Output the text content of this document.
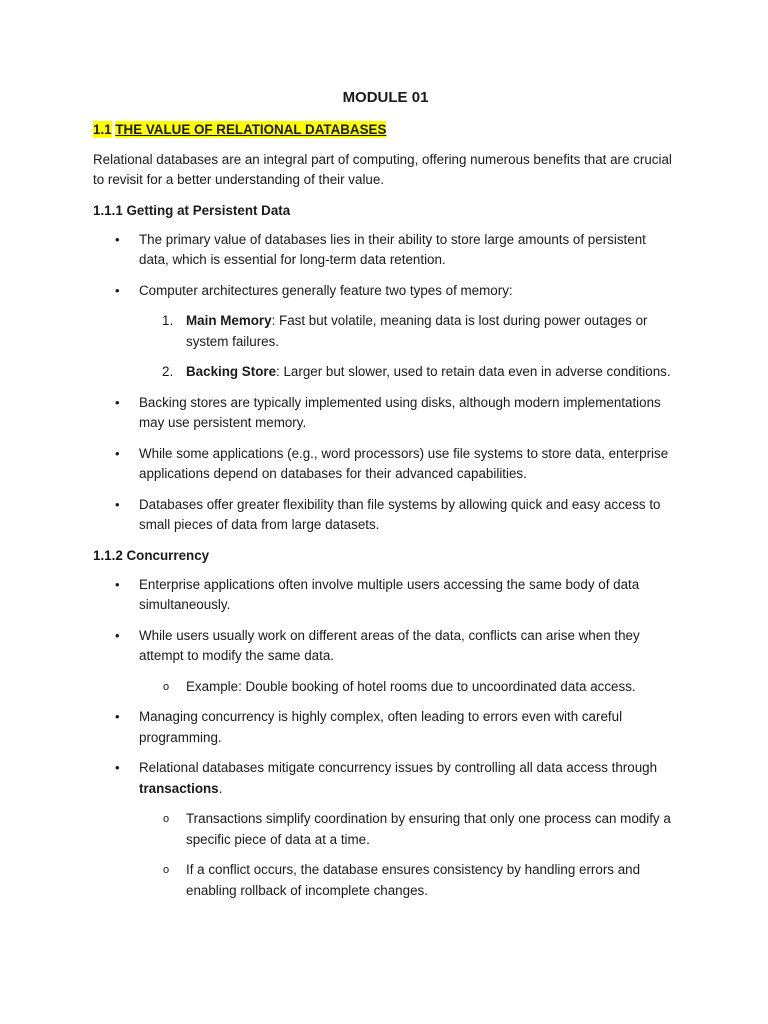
MODULE 01
1.1 THE VALUE OF RELATIONAL DATABASES

Relational databases are an integral part of computing, offering numerous benefits that are crucial to revisit for a better understanding of their value.

1.1.1 Getting at Persistent Data
• The primary value of databases lies in their ability to store large amounts of persistent data, which is essential for long-term data retention.
• Computer architectures generally feature two types of memory:
1. Main Memory: Fast but volatile, meaning data is lost during power outages or system failures.
2. Backing Store: Larger but slower, used to retain data even in adverse conditions.
• Backing stores are typically implemented using disks, although modern implementations may use persistent memory.
• While some applications (e.g., word processors) use file systems to store data, enterprise applications depend on databases for their advanced capabilities.
• Databases offer greater flexibility than file systems by allowing quick and easy access to small pieces of data from large datasets.
1.1.2 Concurrency
• Enterprise applications often involve multiple users accessing the same body of data simultaneously.
• While users usually work on different areas of the data, conflicts can arise when they attempt to modify the same data.
o Example: Double booking of hotel rooms due to uncoordinated data access.
• Managing concurrency is highly complex, often leading to errors even with careful programming.
• Relational databases mitigate concurrency issues by controlling all data access through transactions.
o Transactions simplify coordination by ensuring that only one process can modify a specific piece of data at a time.
o If a conflict occurs, the database ensures consistency by handling errors and enabling rollback of incomplete changes.
